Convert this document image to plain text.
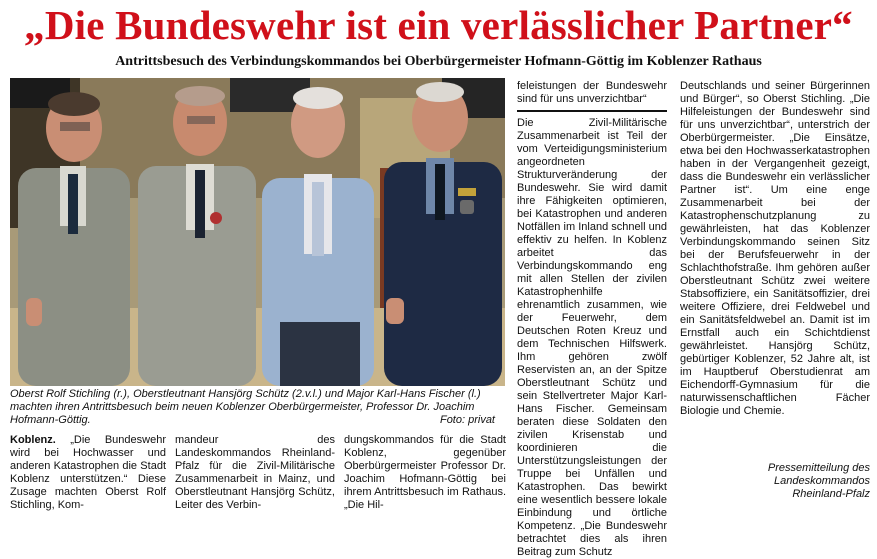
„Die Bundeswehr ist ein verlässlicher Partner“
Antrittsbesuch des Verbindungskommandos bei Oberbürgermeister Hofmann-Göttig im Koblenzer Rathaus
Oberst Rolf Stichling (r.), Oberstleutnant Hansjörg Schütz (2.v.l.) und Major Karl-Hans Fischer (l.) machten ihren Antrittsbesuch beim neuen Koblenzer Oberbürgermeister, Professor Dr. Joachim Hofmann-Göttig.	Foto: privat

Koblenz. „Die Bundeswehr wird bei Hochwasser und anderen Katastrophen die Stadt Koblenz unterstützen.“ Diese Zusage machten Oberst Rolf Stichling, Kom-

mandeur des Landeskommandos Rheinland-Pfalz für die Zivil-Militärische Zusammenarbeit in Mainz, und Oberstleutnant Hansjörg Schütz, Leiter des Verbin-

dungskommandos für die Stadt Koblenz, gegenüber Oberbürgermeister Professor Dr. Joachim Hofmann-Göttig bei ihrem Antrittsbesuch im Rathaus. „Die Hil-

feleistungen der Bundeswehr sind für uns unverzichtbar“

Die Zivil-Militärische Zusammenarbeit ist Teil der vom Verteidigungsministerium angeordneten Strukturveränderung der Bundeswehr. Sie wird damit ihre Fähigkeiten optimieren, bei Katastrophen und anderen Notfällen im Inland schnell und effektiv zu helfen. In Koblenz arbeitet das Verbindungskommando eng mit allen Stellen der zivilen Katastrophenhilfe ehrenamtlich zusammen, wie der Feuerwehr, dem Deutschen Roten Kreuz und dem Technischen Hilfswerk. Ihm gehören zwölf Reservisten an, an der Spitze Oberstleutnant Schütz und sein Stellvertreter Major Karl-Hans Fischer. Gemeinsam beraten diese Soldaten den zivilen Krisenstab und koordinieren die Unterstützungsleistungen der Truppe bei Unfällen und Katastrophen. Das bewirkt eine wesentlich bessere lokale Einbindung und örtliche Kompetenz. „Die Bundeswehr betrachtet dies als ihren Beitrag zum Schutz

Deutschlands und seiner Bürgerinnen und Bürger“, so Oberst Stichling. „Die Hilfeleistungen der Bundeswehr sind für uns unverzichtbar“, unterstrich der Oberbürgermeister. „Die Einsätze, etwa bei den Hochwasserkatastrophen haben in der Vergangenheit gezeigt, dass die Bundeswehr ein verlässlicher Partner ist“. Um eine enge Zusammenarbeit bei der Katastrophenschutzplanung zu gewährleisten, hat das Koblenzer Verbindungskommando seinen Sitz bei der Berufsfeuerwehr in der Schlachthofstraße. Ihm gehören außer Oberstleutnant Schütz zwei weitere Stabsoffiziere, ein Sanitätsoffizier, drei weitere Offiziere, drei Feldwebel und ein Sanitätsfeldwebel an. Damit ist im Ernstfall auch ein Schichtdienst gewährleistet. Hansjörg Schütz, gebürtiger Koblenzer, 52 Jahre alt, ist im Hauptberuf Oberstudienrat am Eichendorff-Gymnasium für die naturwissenschaftlichen Fächer Biologie und Chemie.

Pressemitteilung des Landeskommandos Rheinland-Pfalz
